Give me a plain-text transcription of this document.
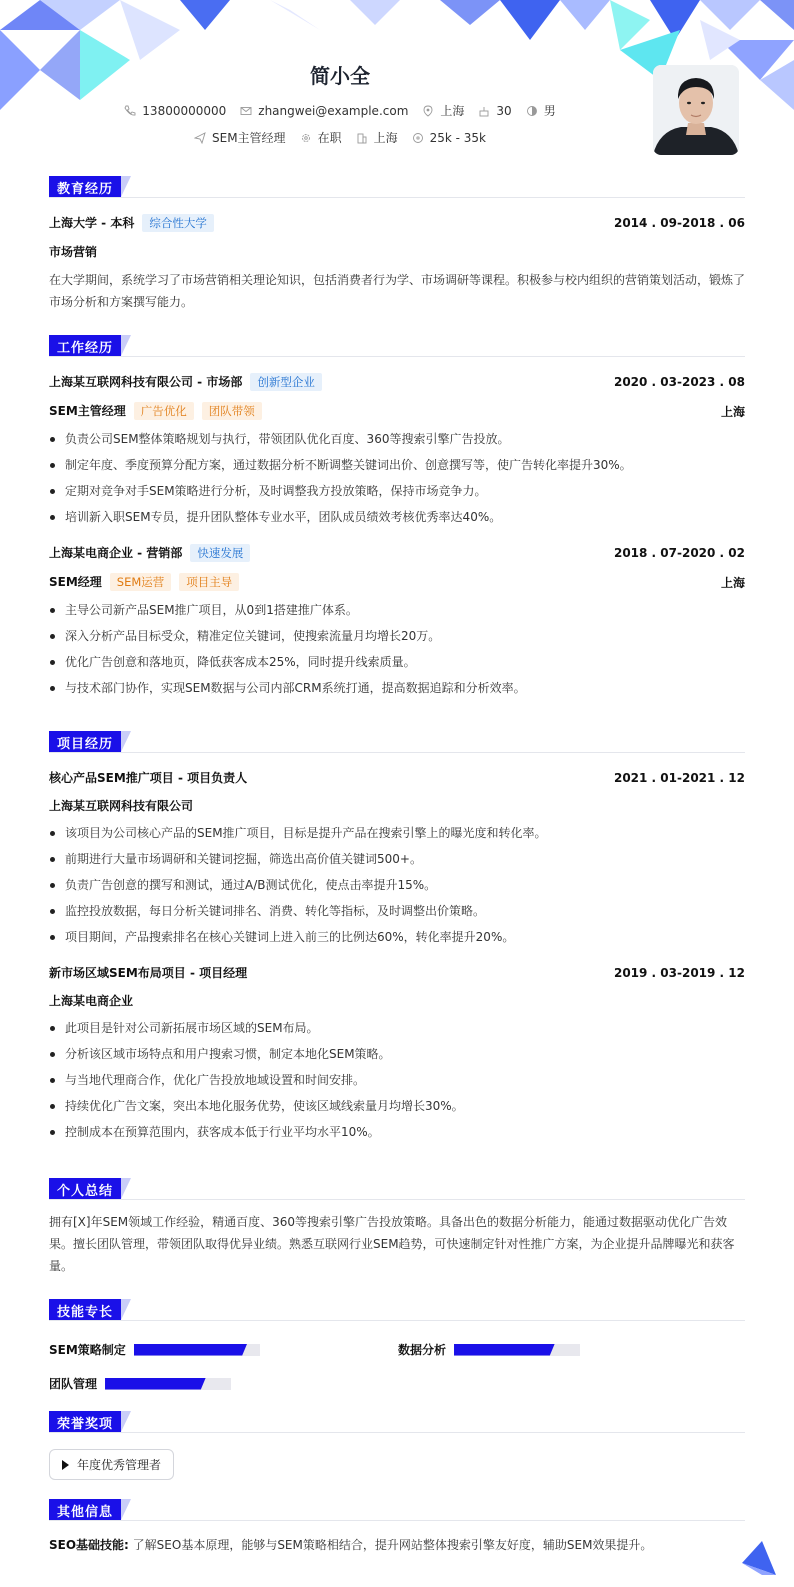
简小全
13800000000	zhangwei@example.com	上海	30	男
SEM主管经理	在职	上海	25k - 35k
教育经历
上海大学 - 本科 综合性大学	2014 . 09-2018 . 06
市场营销
在大学期间，系统学习了市场营销相关理论知识，包括消费者行为学、市场调研等课程。积极参与校内组织的营销策划活动，锻炼了市场分析和方案撰写能力。
工作经历
上海某互联网科技有限公司 - 市场部 创新型企业	2020 . 03-2023 . 08
SEM主管经理 广告优化 团队带领	上海
负责公司SEM整体策略规划与执行，带领团队优化百度、360等搜索引擎广告投放。
制定年度、季度预算分配方案，通过数据分析不断调整关键词出价、创意撰写等，使广告转化率提升30%。
定期对竞争对手SEM策略进行分析，及时调整我方投放策略，保持市场竞争力。
培训新入职SEM专员，提升团队整体专业水平，团队成员绩效考核优秀率达40%。
上海某电商企业 - 营销部 快速发展	2018 . 07-2020 . 02
SEM经理 SEM运营 项目主导	上海
主导公司新产品SEM推广项目，从0到1搭建推广体系。
深入分析产品目标受众，精准定位关键词，使搜索流量月均增长20万。
优化广告创意和落地页，降低获客成本25%，同时提升线索质量。
与技术部门协作，实现SEM数据与公司内部CRM系统打通，提高数据追踪和分析效率。
项目经历
核心产品SEM推广项目 - 项目负责人	2021 . 01-2021 . 12
上海某互联网科技有限公司
该项目为公司核心产品的SEM推广项目，目标是提升产品在搜索引擎上的曝光度和转化率。
前期进行大量市场调研和关键词挖掘，筛选出高价值关键词500+。
负责广告创意的撰写和测试，通过A/B测试优化，使点击率提升15%。
监控投放数据，每日分析关键词排名、消费、转化等指标，及时调整出价策略。
项目期间，产品搜索排名在核心关键词上进入前三的比例达60%，转化率提升20%。
新市场区域SEM布局项目 - 项目经理	2019 . 03-2019 . 12
上海某电商企业
此项目是针对公司新拓展市场区域的SEM布局。
分析该区域市场特点和用户搜索习惯，制定本地化SEM策略。
与当地代理商合作，优化广告投放地域设置和时间安排。
持续优化广告文案，突出本地化服务优势，使该区域线索量月均增长30%。
控制成本在预算范围内，获客成本低于行业平均水平10%。
个人总结
拥有[X]年SEM领域工作经验，精通百度、360等搜索引擎广告投放策略。具备出色的数据分析能力，能通过数据驱动优化广告效果。擅长团队管理，带领团队取得优异业绩。熟悉互联网行业SEM趋势，可快速制定针对性推广方案，为企业提升品牌曝光和获客量。
技能专长
SEM策略制定	数据分析
团队管理
荣誉奖项
年度优秀管理者
其他信息
SEO基础技能: 了解SEO基本原理，能够与SEM策略相结合，提升网站整体搜索引擎友好度，辅助SEM效果提升。
